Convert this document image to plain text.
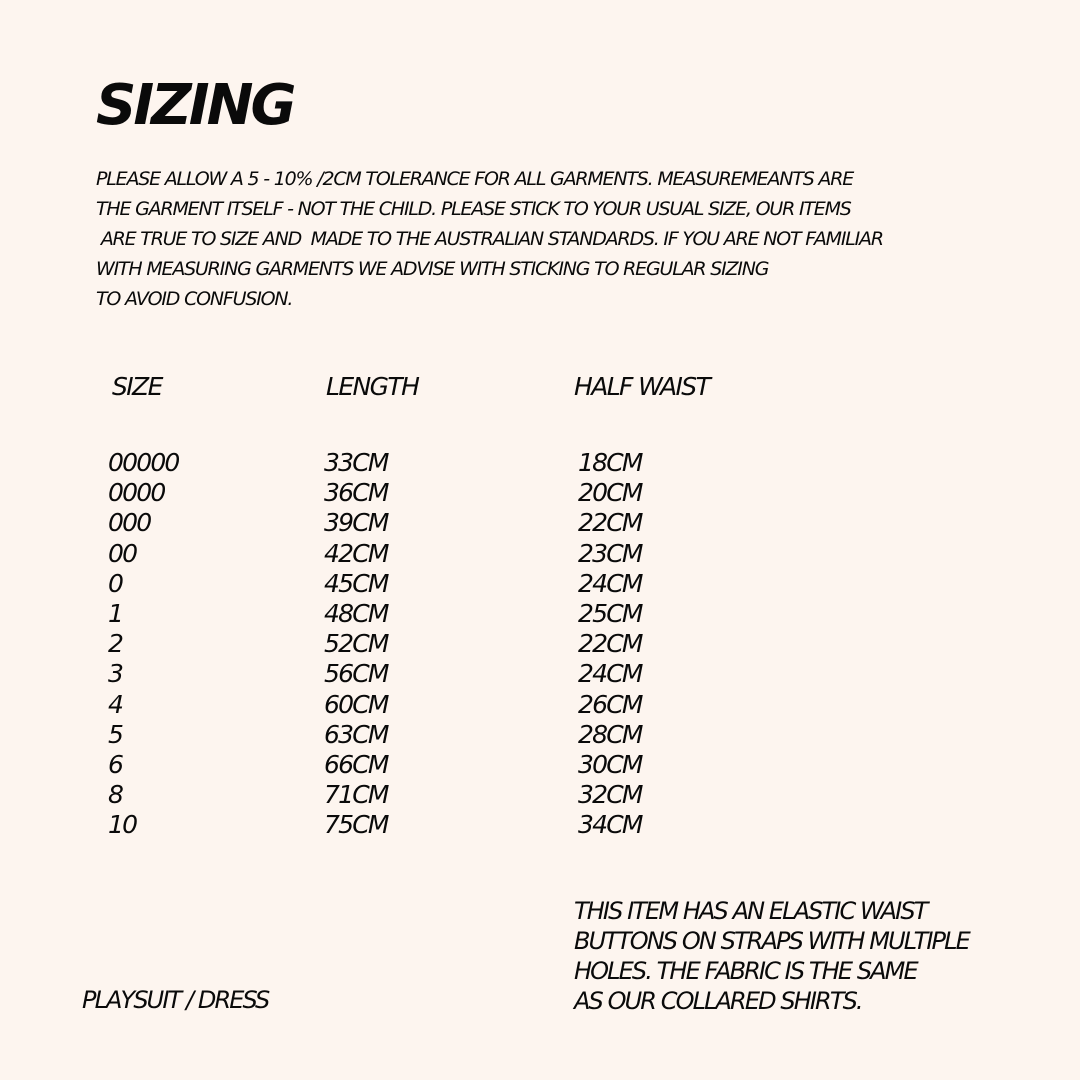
SIZING
PLEASE ALLOW A 5 - 10% /2CM TOLERANCE FOR ALL GARMENTS. MEASUREMEANTS ARE
THE GARMENT ITSELF - NOT THE CHILD. PLEASE STICK TO YOUR USUAL SIZE, OUR ITEMS
ARE TRUE TO SIZE AND  MADE TO THE AUSTRALIAN STANDARDS. IF YOU ARE NOT FAMILIAR
WITH MEASURING GARMENTS WE ADVISE WITH STICKING TO REGULAR SIZING
TO AVOID CONFUSION.
SIZE	LENGTH	HALF WAIST
00000	33CM	18CM
0000	36CM	20CM
000	39CM	22CM
00	42CM	23CM
0	45CM	24CM
1	48CM	25CM
2	52CM	22CM
3	56CM	24CM
4	60CM	26CM
5	63CM	28CM
6	66CM	30CM
8	71CM	32CM
10	75CM	34CM
THIS ITEM HAS AN ELASTIC WAIST
BUTTONS ON STRAPS WITH MULTIPLE
HOLES. THE FABRIC IS THE SAME
AS OUR COLLARED SHIRTS.
PLAYSUIT / DRESS
